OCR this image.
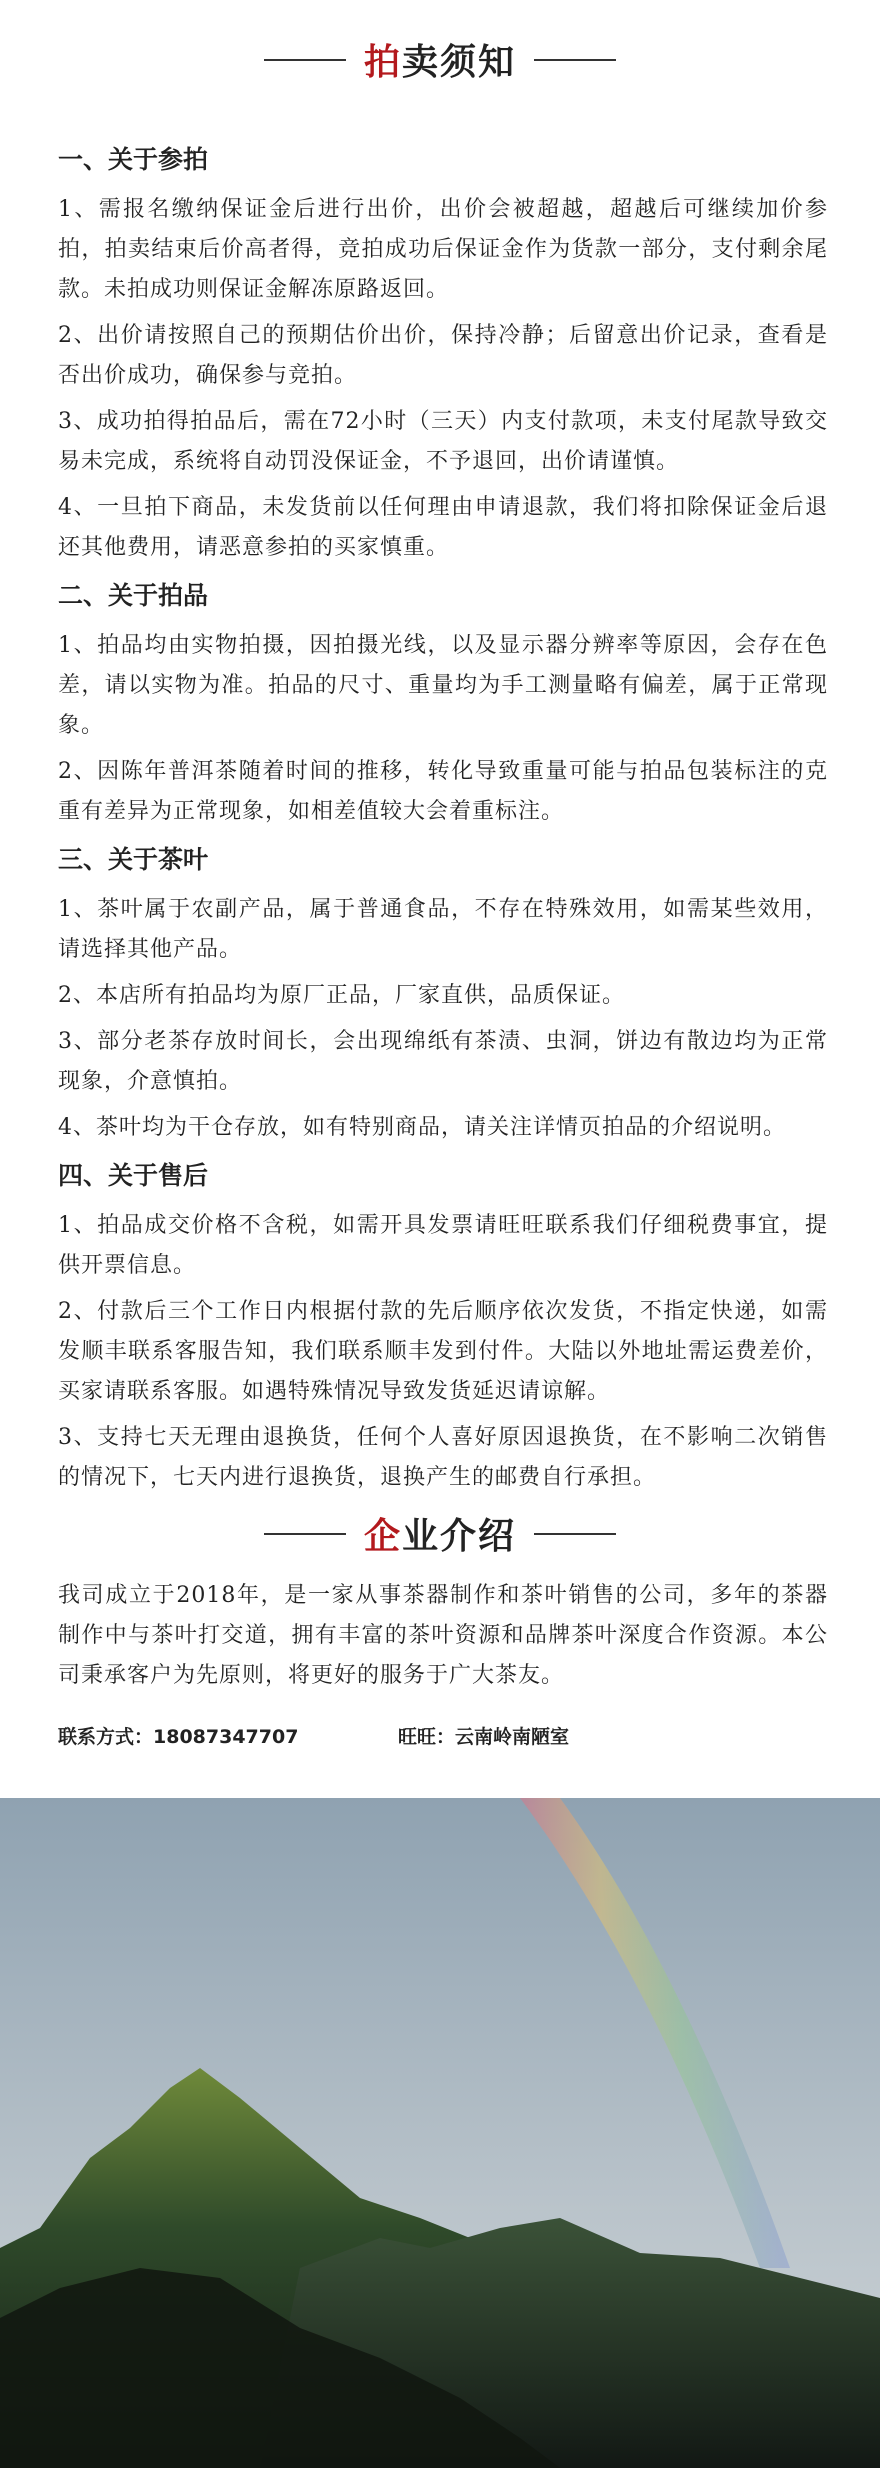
拍卖须知
一、关于参拍

1、需报名缴纳保证金后进行出价，出价会被超越，超越后可继续加价参拍，拍卖结束后价高者得，竞拍成功后保证金作为货款一部分，支付剩余尾款。未拍成功则保证金解冻原路返回。

2、出价请按照自己的预期估价出价，保持冷静；后留意出价记录，查看是否出价成功，确保参与竞拍。

3、成功拍得拍品后，需在72小时（三天）内支付款项，未支付尾款导致交易未完成，系统将自动罚没保证金，不予退回，出价请谨慎。

4、一旦拍下商品，未发货前以任何理由申请退款，我们将扣除保证金后退还其他费用，请恶意参拍的买家慎重。

二、关于拍品

1、拍品均由实物拍摄，因拍摄光线，以及显示器分辨率等原因，会存在色差，请以实物为准。拍品的尺寸、重量均为手工测量略有偏差，属于正常现象。

2、因陈年普洱茶随着时间的推移，转化导致重量可能与拍品包装标注的克重有差异为正常现象，如相差值较大会着重标注。

三、关于茶叶

1、茶叶属于农副产品，属于普通食品，不存在特殊效用，如需某些效用，请选择其他产品。

2、本店所有拍品均为原厂正品，厂家直供，品质保证。

3、部分老茶存放时间长，会出现绵纸有茶渍、虫洞，饼边有散边均为正常现象，介意慎拍。

4、茶叶均为干仓存放，如有特别商品，请关注详情页拍品的介绍说明。

四、关于售后

1、拍品成交价格不含税，如需开具发票请旺旺联系我们仔细税费事宜，提供开票信息。

2、付款后三个工作日内根据付款的先后顺序依次发货，不指定快递，如需发顺丰联系客服告知，我们联系顺丰发到付件。大陆以外地址需运费差价，买家请联系客服。如遇特殊情况导致发货延迟请谅解。

3、支持七天无理由退换货，任何个人喜好原因退换货，在不影响二次销售的情况下，七天内进行退换货，退换产生的邮费自行承担。

企业介绍

我司成立于2018年，是一家从事茶器制作和茶叶销售的公司，多年的茶器制作中与茶叶打交道，拥有丰富的茶叶资源和品牌茶叶深度合作资源。本公司秉承客户为先原则，将更好的服务于广大茶友。

联系方式：18087347707	旺旺：云南岭南陋室
